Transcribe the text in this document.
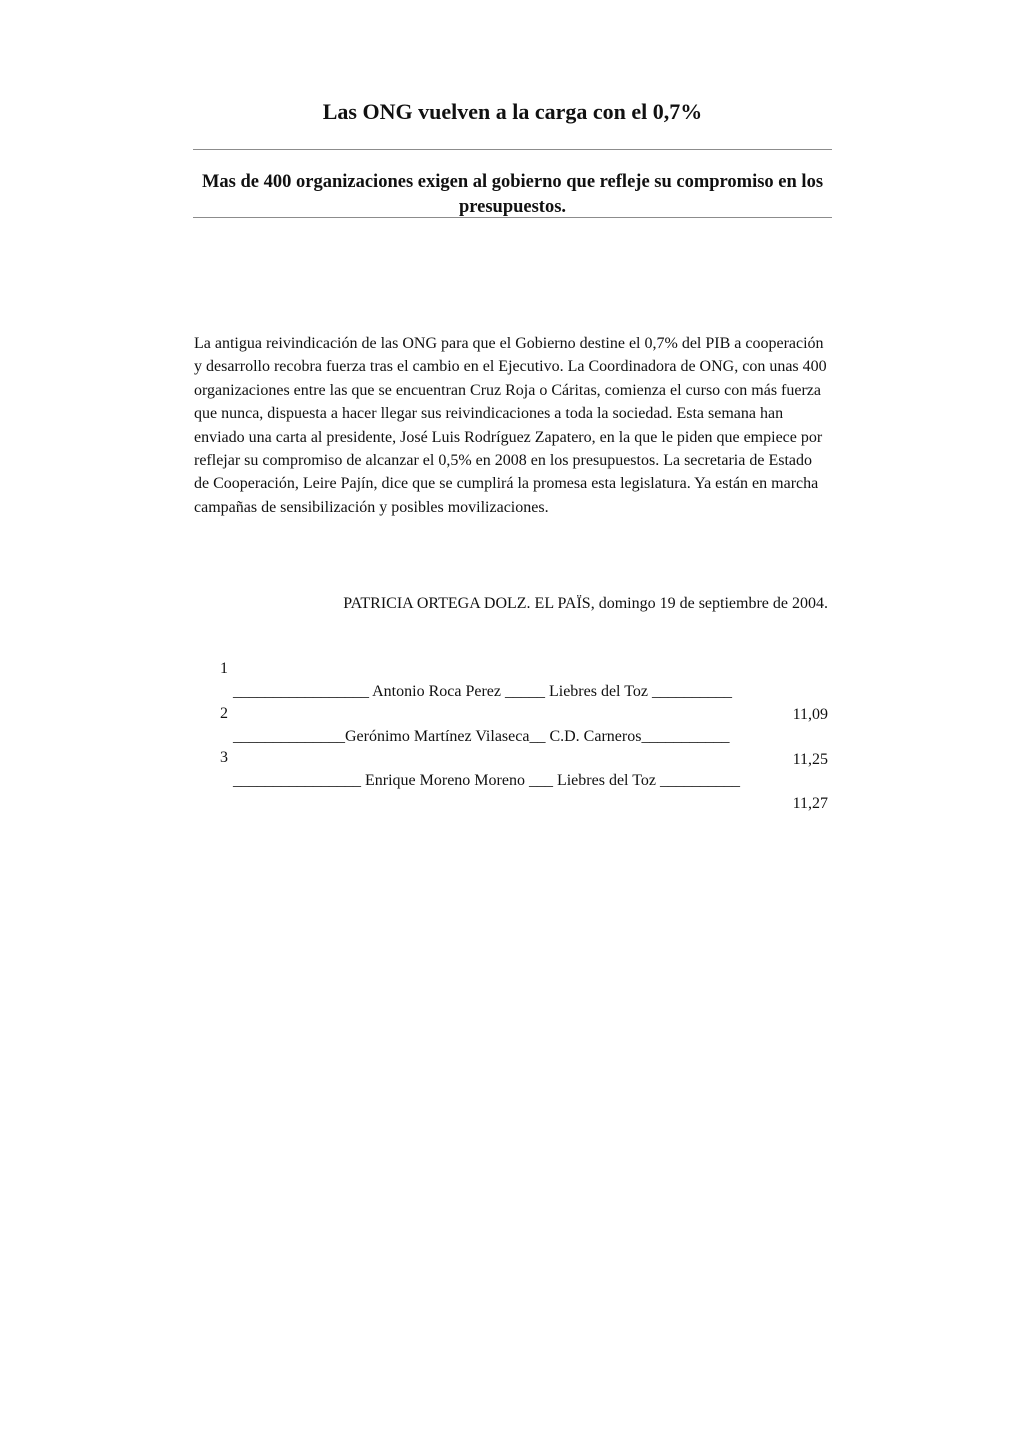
Las ONG vuelven a la carga con el 0,7%
Mas de 400 organizaciones exigen al gobierno que refleje su compromiso en los presupuestos.

La antigua reivindicación de las ONG para que el Gobierno destine el 0,7% del PIB a cooperación y desarrollo recobra fuerza tras el cambio en el Ejecutivo. La Coordinadora de ONG, con unas 400 organizaciones entre las que se encuentran Cruz Roja o Cáritas, comienza el curso con más fuerza que nunca, dispuesta a hacer llegar sus reivindicaciones a toda la sociedad. Esta semana han enviado una carta al presidente, José Luis Rodríguez Zapatero, en la que le piden que empiece por reflejar su compromiso de alcanzar el 0,5% en 2008 en los presupuestos. La secretaria de Estado de Cooperación, Leire Pajín, dice que se cumplirá la promesa esta legislatura. Ya están en marcha campañas de sensibilización y posibles movilizaciones.

PATRICIA ORTEGA DOLZ. EL PAÏS, domingo 19 de septiembre de 2004.

1

_________________ Antonio Roca Perez _____ Liebres del Toz __________

11,09

2

______________Gerónimo Martínez Vilaseca__ C.D. Carneros___________

11,25

3

________________ Enrique Moreno Moreno ___ Liebres del Toz __________

11,27
